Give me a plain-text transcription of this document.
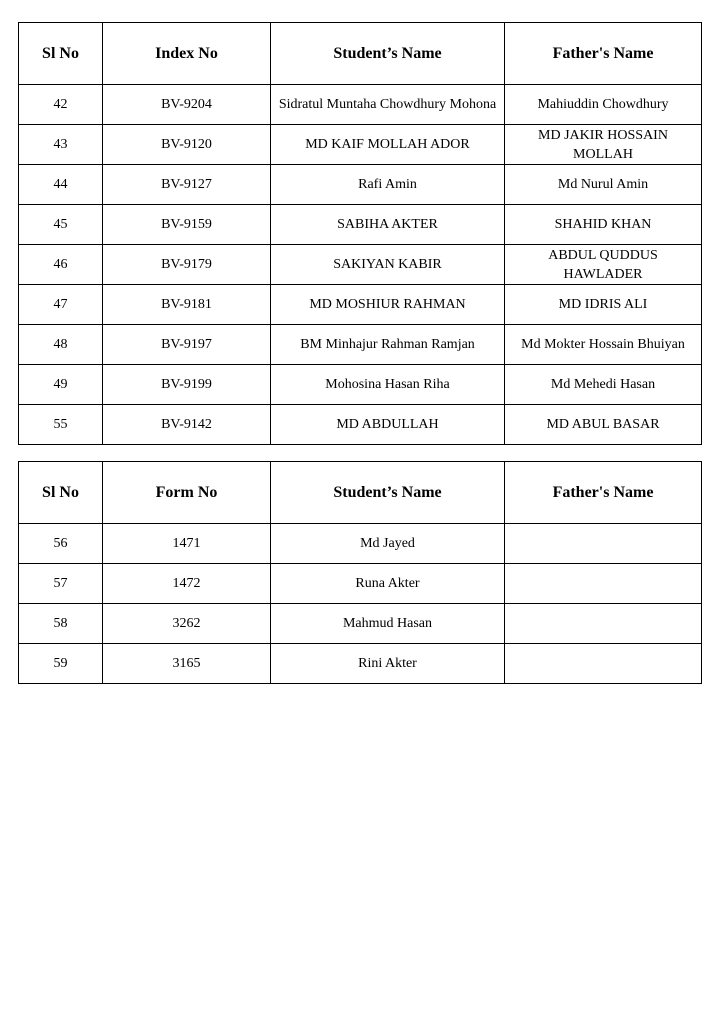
Sl No	Index No	Student’s Name	Father's Name
42	BV-9204	Sidratul Muntaha Chowdhury Mohona	Mahiuddin Chowdhury
43	BV-9120	MD KAIF MOLLAH ADOR	MD JAKIR HOSSAIN MOLLAH
44	BV-9127	Rafi Amin	Md Nurul Amin
45	BV-9159	SABIHA AKTER	SHAHID KHAN
46	BV-9179	SAKIYAN KABIR	ABDUL QUDDUS HAWLADER
47	BV-9181	MD MOSHIUR RAHMAN	MD IDRIS ALI
48	BV-9197	BM Minhajur Rahman Ramjan	Md Mokter Hossain Bhuiyan
49	BV-9199	Mohosina Hasan Riha	Md Mehedi Hasan
55	BV-9142	MD ABDULLAH	MD ABUL BASAR
Sl No	Form No	Student’s Name	Father's Name
56	1471	Md Jayed	
57	1472	Runa Akter	
58	3262	Mahmud Hasan	
59	3165	Rini Akter	
